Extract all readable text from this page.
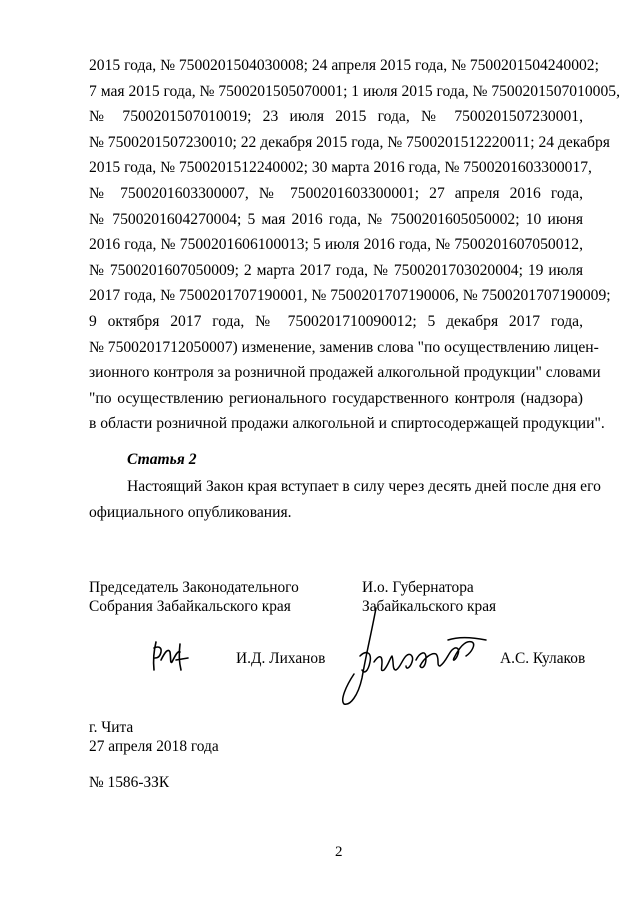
2015 года, № 7500201504030008; 24 апреля 2015 года, № 7500201504240002;
7 мая 2015 года, № 7500201505070001; 1 июля 2015 года, № 7500201507010005,
№ 7500201507010019; 23 июля 2015 года, № 7500201507230001,
№ 7500201507230010; 22 декабря 2015 года, № 7500201512220011; 24 декабря
2015 года, № 7500201512240002; 30 марта 2016 года, № 7500201603300017,
№ 7500201603300007, № 7500201603300001; 27 апреля 2016 года,
№ 7500201604270004; 5 мая 2016 года, № 7500201605050002; 10 июня
2016 года, № 7500201606100013; 5 июля 2016 года, № 7500201607050012,
№ 7500201607050009; 2 марта 2017 года, № 7500201703020004; 19 июля
2017 года, № 7500201707190001, № 7500201707190006, № 7500201707190009;
9 октября 2017 года, № 7500201710090012; 5 декабря 2017 года,
№ 7500201712050007) изменение, заменив слова "по осуществлению лицен-
зионного контроля за розничной продажей алкогольной продукции" словами
"по осуществлению регионального государственного контроля (надзора)
в области розничной продажи алкогольной и спиртосодержащей продукции".
Статья 2
Настоящий Закон края вступает в силу через десять дней после дня его
официального опубликования.
Председатель Законодательного
Собрания Забайкальского края
И.о. Губернатора
Забайкальского края
И.Д. Лиханов	А.С. Кулаков
г. Чита
27 апреля 2018 года
№ 1586-ЗЗК
2
